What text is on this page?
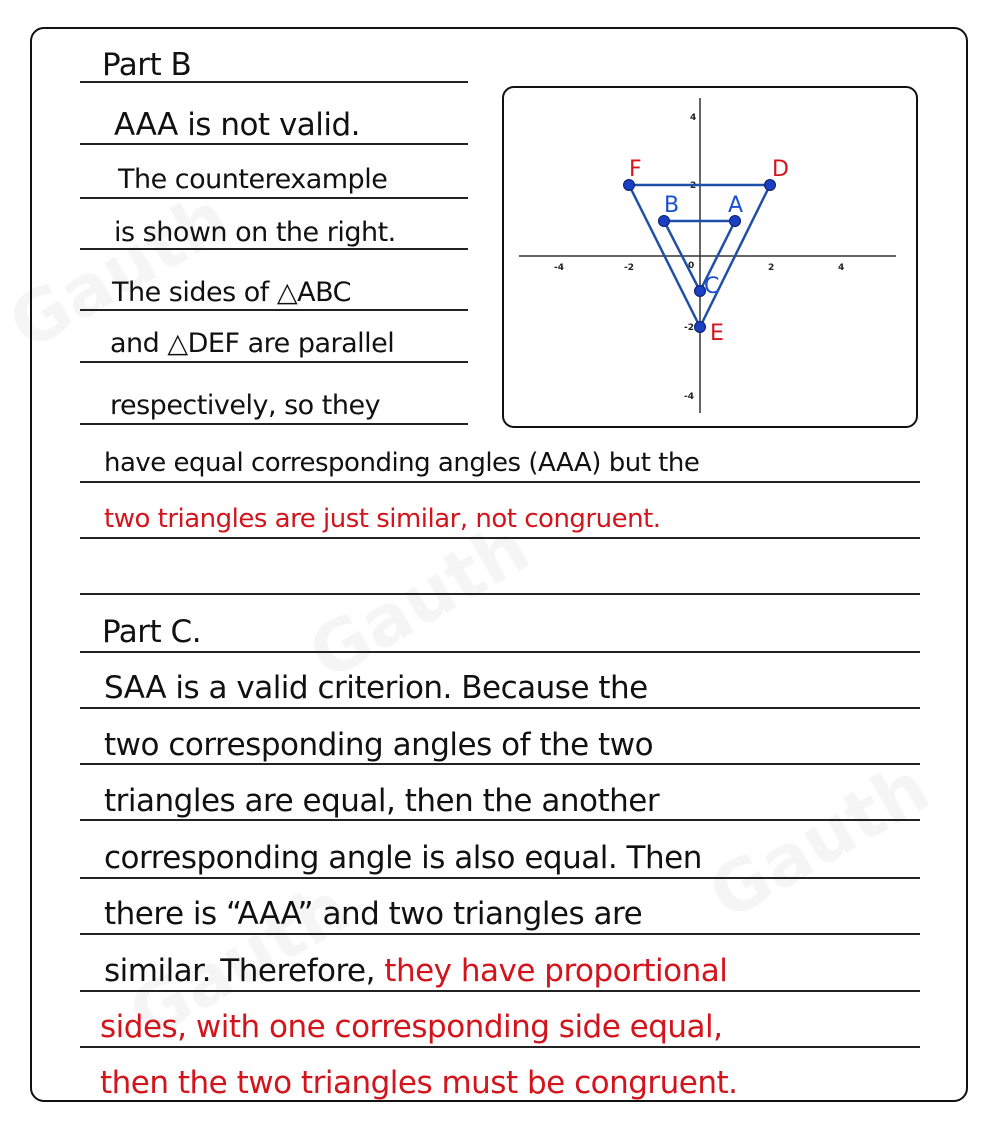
Part B
AAA is not valid.
The counterexample
is shown on the right.
The sides of △ABC
and △DEF are parallel
respectively, so they
have equal corresponding angles (AAA) but the
two triangles are just similar, not congruent.
Part C.
SAA is a valid criterion. Because the
two corresponding angles of the two
triangles are equal, then the another
corresponding angle is also equal. Then
there is “AAA” and two triangles are
similar. Therefore, they have proportional
sides, with one corresponding side equal,
then the two triangles must be congruent.
-4	-2	0	2	4
4
2
-2
-4
F	D
E
B A
C
